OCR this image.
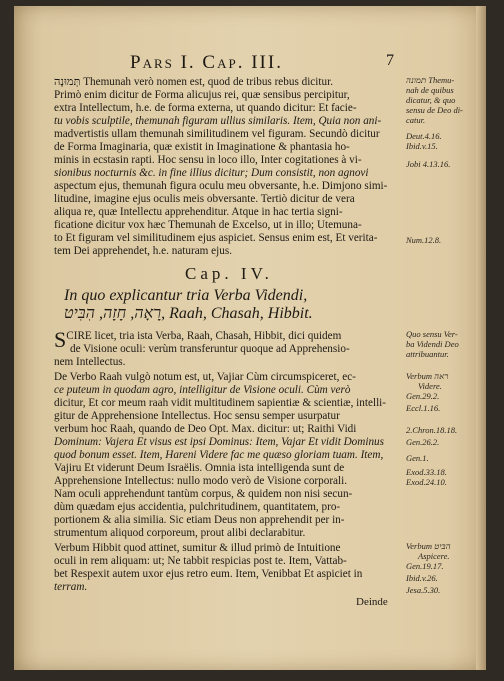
Pars I. Cap. III.	7
תְּמוּנָה Themunah verò nomen est, quod de tribus rebus dicitur.
Primò enim dicitur de Forma alicujus rei, quæ sensibus percipitur,
extra Intellectum, h.e. de forma externa, ut quando dicitur: Et facie-
tu vobis sculptile, themunah figuram ullius similaris. Item, Quia non ani-
madvertistis ullam themunah similitudinem vel figuram. Secundò dicitur
de Forma Imaginaria, quæ existit in Imaginatione & phantasia ho-
minis in ecstasin rapti. Hoc sensu in loco illo, Inter cogitationes à vi-
sionibus nocturnis &c. in fine illius dicitur; Dum consistit, non agnovi
aspectum ejus, themunah figura oculu meu obversante, h.e. Dimjono simi-
litudine, imagine ejus oculis meis obversante. Tertiò dicitur de vera
aliqua re, quæ Intellectu apprehenditur. Atque in hac tertia signi-
ficatione dicitur vox hæc Themunah de Excelso, ut in illo; Utemuna-
to Et figuram vel similitudinem ejus aspiciet. Sensus enim est, Et verita-
tem Dei apprehendet, h.e. naturam ejus.
Cap. IV.
In quo explicantur tria Verba Videndi,
רָאָה, חָזָה, הִבִּיט, Raah, Chasah, Hibbit.
S CIRE licet, tria ista Verba, Raah, Chasah, Hibbit, dici quidem
de Visione oculi: verùm transferuntur quoque ad Apprehensio-
nem Intellectus.
De Verbo Raah vulgò notum est, ut, Vajiar Cùm circumspiceret, ec-
ce puteum in quodam agro, intelligitur de Visione oculi. Cùm verò
dicitur, Et cor meum raah vidit multitudinem sapientiæ & scientiæ, intelli-
gitur de Apprehensione Intellectus. Hoc sensu semper usurpatur
verbum hoc Raah, quando de Deo Opt. Max. dicitur: ut; Raithi Vidi
Dominum: Vajera Et visus est ipsi Dominus: Item, Vajar Et vidit Dominus
quod bonum esset. Item, Hareni Videre fac me quæso gloriam tuam. Item,
Vajiru Et viderunt Deum Israëlis. Omnia ista intelligenda sunt de
Apprehensione Intellectus: nullo modo verò de Visione corporali.
Nam oculi apprehendunt tantùm corpus, & quidem non nisi secun-
dùm quædam ejus accidentia, pulchritudinem, quantitatem, pro-
portionem & alia similia. Sic etiam Deus non apprehendit per in-
strumentum aliquod corporeum, prout alibi declarabitur.
Verbum Hibbit quod attinet, sumitur & illud primò de Intuitione
oculi in rem aliquam: ut; Ne tabbit respicias post te. Item, Vattab-
bet Respexit autem uxor ejus retro eum. Item, Venibbat Et aspiciet in
terram.
Deinde
תמונה Themu-
nah de quibus
dicatur, & quo
sensu de Deo di-
catur.
Deut.4.16.
Ibid.v.15.
Jobi 4.13.16.
Num.12.8.
Quo sensu Ver-
ba Videndi Deo
attribuantur.
Verbum ראה
Videre.
Gen.29.2.
Eccl.1.16.
2.Chron.18.18.
Gen.26.2.
Gen.1.
Exod.33.18.
Exod.24.10.
Verbum הבּיט
Aspicere.
Gen.19.17.
Ibid.v.26.
Jesa.5.30.
